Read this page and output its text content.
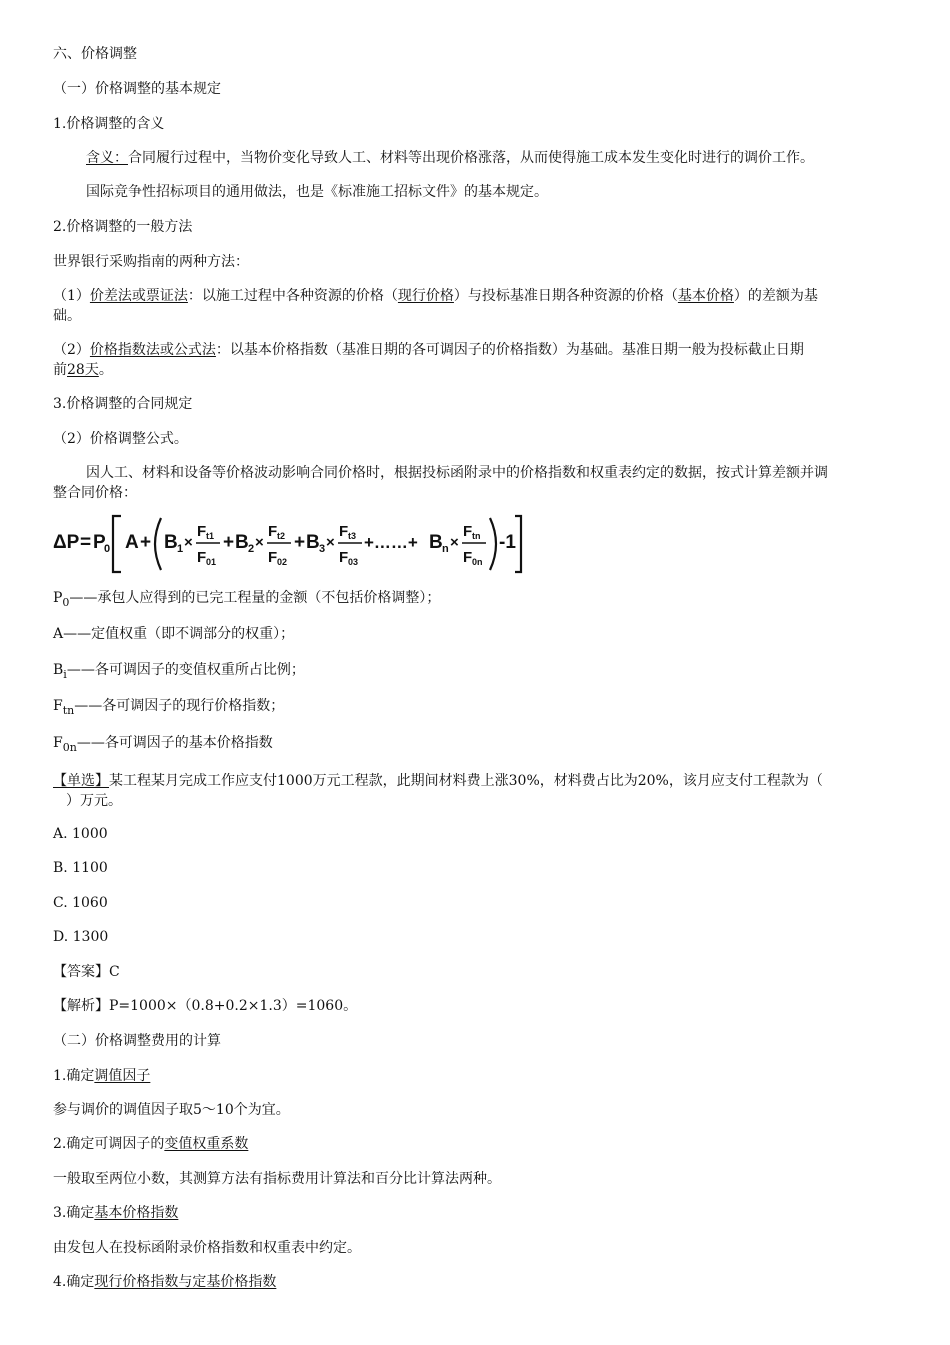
六、价格调整
（一）价格调整的基本规定
1.价格调整的含义
含义：合同履行过程中，当物价变化导致人工、材料等出现价格涨落，从而使得施工成本发生变化时进行的调价工作。
国际竞争性招标项目的通用做法，也是《标准施工招标文件》的基本规定。
2.价格调整的一般方法
世界银行采购指南的两种方法：
（1）价差法或票证法：以施工过程中各种资源的价格（现行价格）与投标基准日期各种资源的价格（基本价格）的差额为基
础。
（2）价格指数法或公式法：以基本价格指数（基准日期的各可调因子的价格指数）为基础。基准日期一般为投标截止日期
前28天。
3.价格调整的合同规定
（2）价格调整公式。
因人工、材料和设备等价格波动影响合同价格时，根据投标函附录中的价格指数和权重表约定的数据，按式计算差额并调
整合同价格：
ΔP = P
0 A + B 1 ×
F t1
F 01
+ B 2 ×
F t2
F 02
+ B 3 ×
F t3
F 03
+……+ B n ×
F tn
F 0n
-1
$P_0——$承包人应得到的已完工程量的金额（不包括价格调整）；
A——定值权重（即不调部分的权重）；
$B_i——$各可调因子的变值权重所占比例；
$F_{tn}——$各可调因子的现行价格指数；
$F_{0n}——$各可调因子的基本价格指数
【单选】某工程某月完成工作应支付1000万元工程款，此期间材料费上涨30%，材料费占比为20%，该月应支付工程款为（
）万元。
A. 1000
B. 1100
C. 1060
D. 1300
【答案】C
【解析】P=1000×（0.8+0.2×1.3）=1060。
（二）价格调整费用的计算
1.确定调值因子
参与调价的调值因子取5～10个为宜。
2.确定可调因子的变值权重系数
一般取至两位小数，其测算方法有指标费用计算法和百分比计算法两种。
3.确定基本价格指数
由发包人在投标函附录价格指数和权重表中约定。
4.确定现行价格指数与定基价格指数
